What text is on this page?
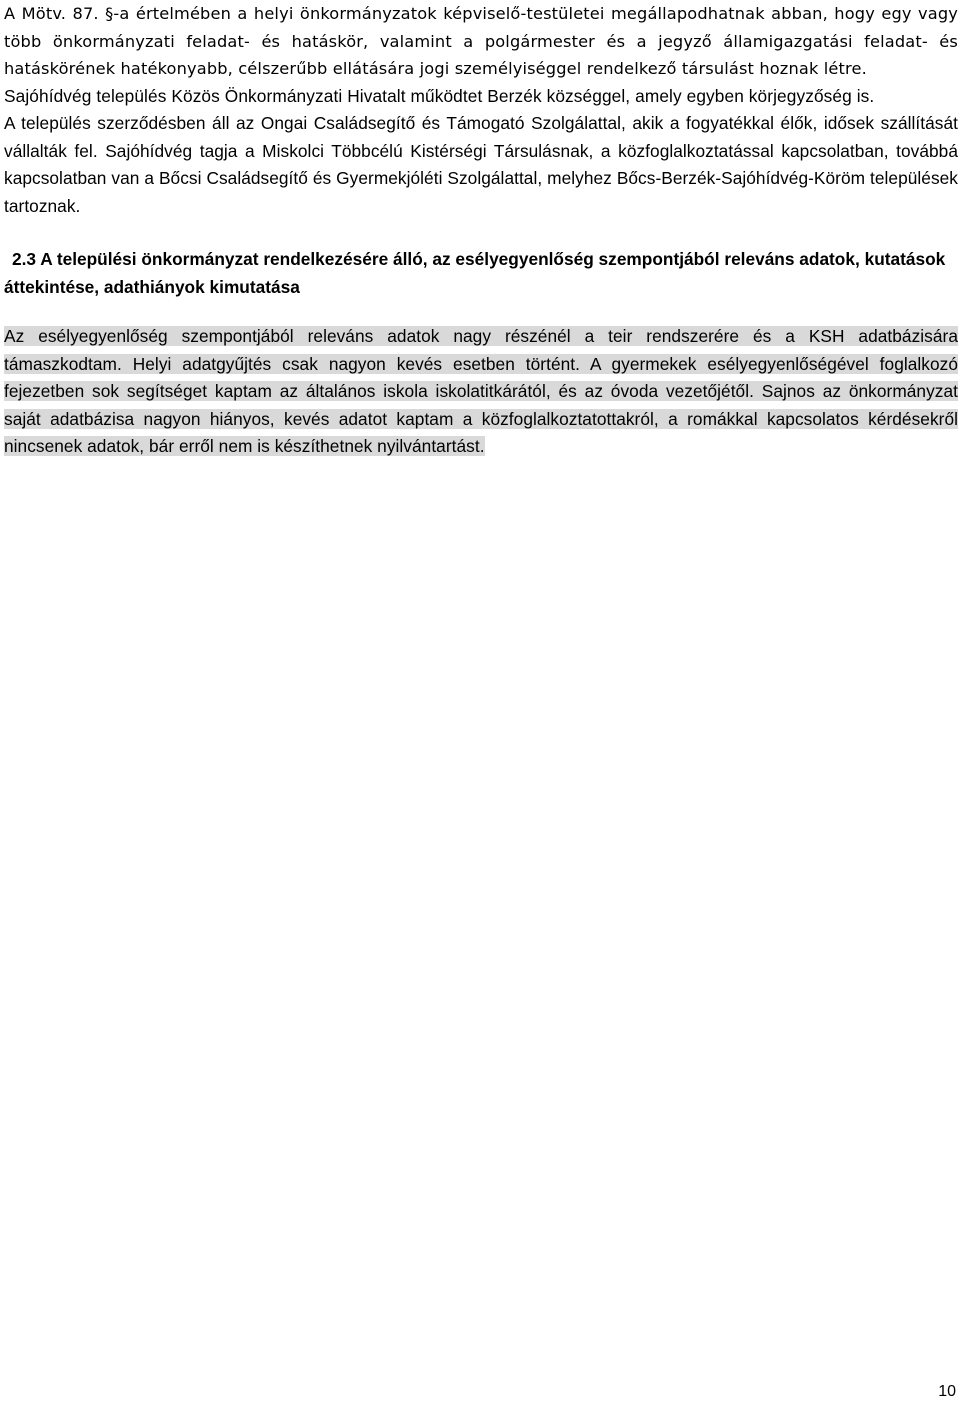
A Mötv. 87. §-a értelmében a helyi önkormányzatok képviselő-testületei megállapodhatnak abban, hogy egy vagy több önkormányzati feladat- és hatáskör, valamint a polgármester és a jegyző államigazgatási feladat- és hatáskörének hatékonyabb, célszerűbb ellátására jogi személyiséggel rendelkező társulást hoznak létre.

Sajóhídvég település Közös Önkormányzati Hivatalt működtet Berzék községgel, amely egyben körjegyzőség is.

A település szerződésben áll az Ongai Családsegítő és Támogató Szolgálattal, akik a fogyatékkal élők, idősek szállítását vállalták fel. Sajóhídvég tagja a Miskolci Többcélú Kistérségi Társulásnak, a közfoglalkoztatással kapcsolatban, továbbá kapcsolatban van a Bőcsi Családsegítő és Gyermekjóléti Szolgálattal, melyhez Bőcs-Berzék-Sajóhídvég-Köröm települések tartoznak.

2.3 A települési önkormányzat rendelkezésére álló, az esélyegyenlőség szempontjából releváns adatok, kutatások áttekintése, adathiányok kimutatása

Az esélyegyenlőség szempontjából releváns adatok nagy részénél a teir rendszerére és a KSH adatbázisára támaszkodtam. Helyi adatgyűjtés csak nagyon kevés esetben történt. A gyermekek esélyegyenlőségével foglalkozó fejezetben sok segítséget kaptam az általános iskola iskolatitkárától, és az óvoda vezetőjétől. Sajnos az önkormányzat saját adatbázisa nagyon hiányos, kevés adatot kaptam a közfoglalkoztatottakról, a romákkal kapcsolatos kérdésekről nincsenek adatok, bár erről nem is készíthetnek nyilvántartást.

10
